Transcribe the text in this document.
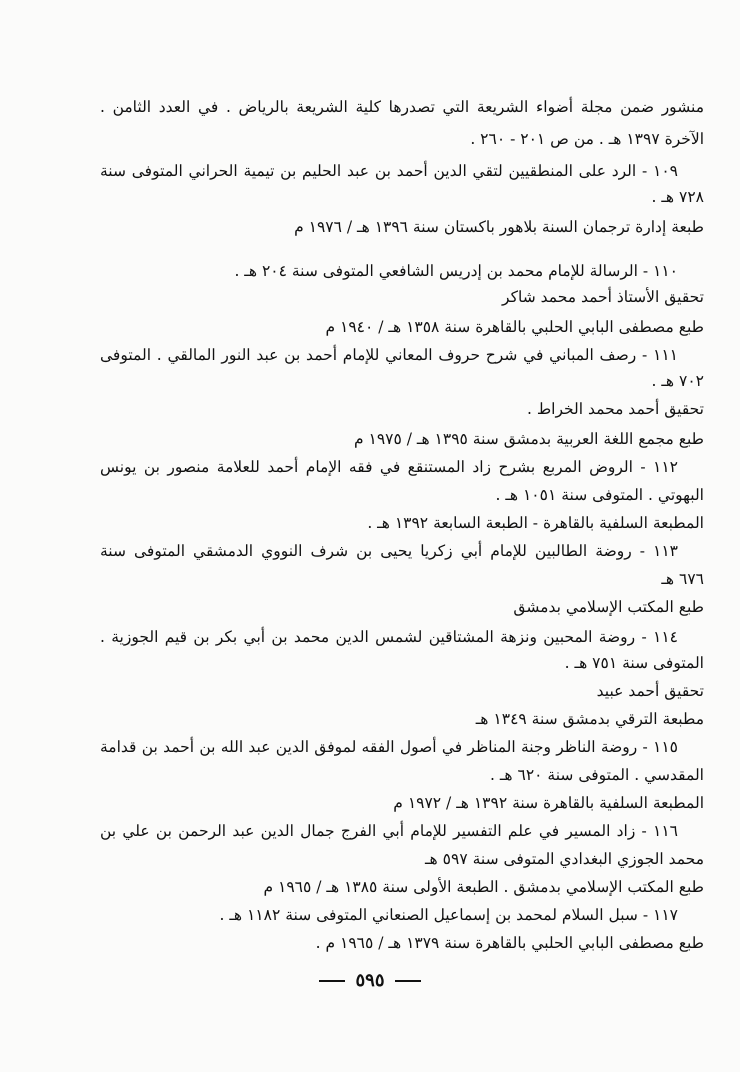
منشور ضمن مجلة أضواء الشريعة التي تصدرها كلية الشريعة بالرياض . في العدد الثامن .
الآخرة ١٣٩٧ هـ . من ص ٢٠١ - ٢٦٠ .
١٠٩ - الرد على المنطقيين لتقي الدين أحمد بن عبد الحليم بن تيمية الحراني المتوفى سنة
٧٢٨ هـ .
طبعة إدارة ترجمان السنة بلاهور باكستان سنة ١٣٩٦ هـ / ١٩٧٦ م
١١٠ - الرسالة للإمام محمد بن إدريس الشافعي المتوفى سنة ٢٠٤ هـ .
تحقيق الأستاذ أحمد محمد شاكر
طبع مصطفى البابي الحلبي بالقاهرة سنة ١٣٥٨ هـ / ١٩٤٠ م
١١١ - رصف المباني في شرح حروف المعاني للإمام أحمد بن عبد النور المالقي . المتوفى
٧٠٢ هـ .
تحقيق أحمد محمد الخراط .
طبع مجمع اللغة العربية بدمشق سنة ١٣٩٥ هـ / ١٩٧٥ م
١١٢ - الروض المربع بشرح زاد المستنقع في فقه الإمام أحمد للعلامة منصور بن يونس
البهوتي . المتوفى سنة ١٠٥١ هـ .
المطبعة السلفية بالقاهرة - الطبعة السابعة ١٣٩٢ هـ .
١١٣ - روضة الطالبين للإمام أبي زكريا يحيى بن شرف النووي الدمشقي المتوفى سنة
٦٧٦ هـ
طبع المكتب الإسلامي بدمشق
١١٤ - روضة المحبين ونزهة المشتاقين لشمس الدين محمد بن أبي بكر بن قيم الجوزية .
المتوفى سنة ٧٥١ هـ .
تحقيق أحمد عبيد
مطبعة الترقي بدمشق سنة ١٣٤٩ هـ
١١٥ - روضة الناظر وجنة المناظر في أصول الفقه لموفق الدين عبد الله بن أحمد بن قدامة
المقدسي . المتوفى سنة ٦٢٠ هـ .
المطبعة السلفية بالقاهرة سنة ١٣٩٢ هـ / ١٩٧٢ م
١١٦ - زاد المسير في علم التفسير للإمام أبي الفرج جمال الدين عبد الرحمن بن علي بن
محمد الجوزي البغدادي المتوفى سنة ٥٩٧ هـ
طبع المكتب الإسلامي بدمشق . الطبعة الأولى سنة ١٣٨٥ هـ / ١٩٦٥ م
١١٧ - سبل السلام لمحمد بن إسماعيل الصنعاني المتوفى سنة ١١٨٢ هـ .
طبع مصطفى البابي الحلبي بالقاهرة سنة ١٣٧٩ هـ / ١٩٦٥ م .
٥٩٥
